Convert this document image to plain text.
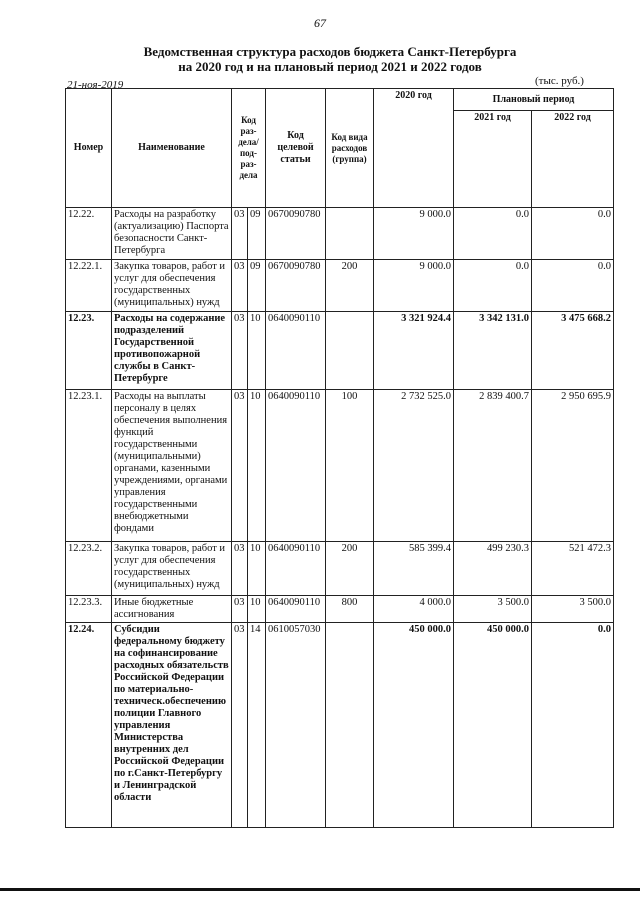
67
Ведомственная структура расходов бюджета Санкт-Петербурга
на 2020 год и на плановый период 2021 и 2022 годов
21-ноя-2019	(тыс. руб.)
Номер	Наименование	Код раз-дела/ под-раз-дела		Код целевой статьи	Код вида расходов (группа)	2020 год	Плановый период	
							2021 год	2022 год
12.22.	Расходы на разработку (актуализацию) Паспорта безопасности Санкт-Петербурга	03	09	0670090780		9 000.0	0.0	0.0
12.22.1.	Закупка товаров, работ и услуг для обеспечения государственных (муниципальных) нужд	03	09	0670090780	200	9 000.0	0.0	0.0
12.23.	Расходы на содержание подразделений Государственной противопожарной службы в Санкт-Петербурге	03	10	0640090110		3 321 924.4	3 342 131.0	3 475 668.2
12.23.1.	Расходы на выплаты персоналу в целях обеспечения выполнения функций государственными (муниципальными) органами, казенными учреждениями, органами управления государственными внебюджетными фондами	03	10	0640090110	100	2 732 525.0	2 839 400.7	2 950 695.9
12.23.2.	Закупка товаров, работ и услуг для обеспечения государственных (муниципальных) нужд	03	10	0640090110	200	585 399.4	499 230.3	521 472.3
12.23.3.	Иные бюджетные ассигнования	03	10	0640090110	800	4 000.0	3 500.0	3 500.0
12.24.	Субсидии федеральному бюджету на софинансирование расходных обязательств Российской Федерации по материально-техническ.обеспечению полиции Главного управления Министерства внутренних дел Российской Федерации по г.Санкт-Петербургу и Ленинградской области	03	14	0610057030		450 000.0	450 000.0	0.0
